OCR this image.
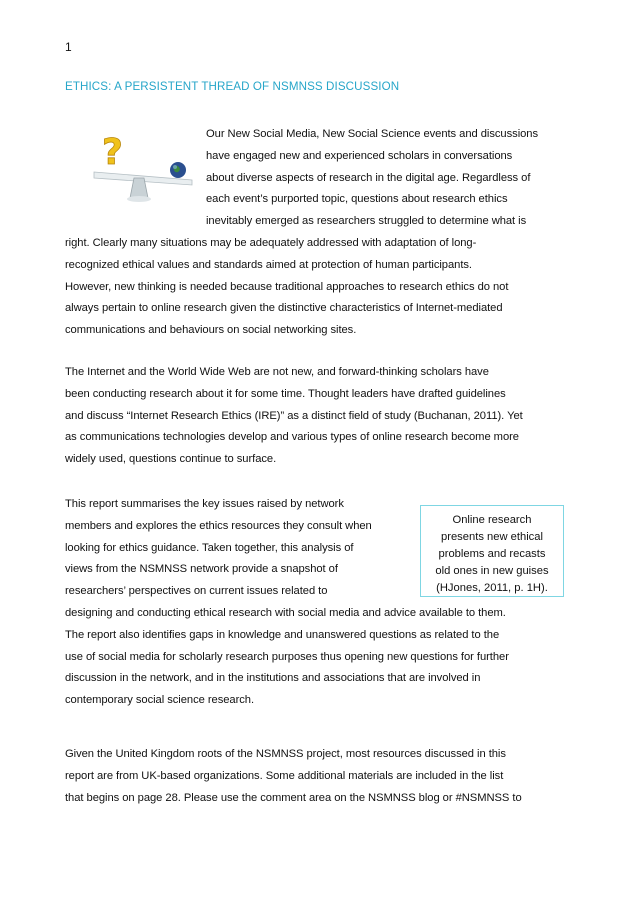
1
ETHICS: A PERSISTENT THREAD OF NSMNSS DISCUSSION
?	Our New Social Media, New Social Science events and discussions
have engaged new and experienced scholars in conversations
about diverse aspects of research in the digital age. Regardless of
each event’s purported topic, questions about research ethics
inevitably emerged as researchers struggled to determine what is
right. Clearly many situations may be adequately addressed with adaptation of long-
recognized ethical values and standards aimed at protection of human participants.
However, new thinking is needed because traditional approaches to research ethics do not
always pertain to online research given the distinctive characteristics of Internet-mediated
communications and behaviours on social networking sites.
The Internet and the World Wide Web are not new, and forward-thinking scholars have
been conducting research about it for some time. Thought leaders have drafted guidelines
and discuss “Internet Research Ethics (IRE)” as a distinct field of study (Buchanan, 2011). Yet
as communications technologies develop and various types of online research become more
widely used, questions continue to surface.
This report summarises the key issues raised by network
members and explores the ethics resources they consult when
looking for ethics guidance. Taken together, this analysis of
views from the NSMNSS network provide a snapshot of
researchers’ perspectives on current issues related to
designing and conducting ethical research with social media and advice available to them.
The report also identifies gaps in knowledge and unanswered questions as related to the
use of social media for scholarly research purposes thus opening new questions for further
discussion in the network, and in the institutions and associations that are involved in
contemporary social science research.
Given the United Kingdom roots of the NSMNSS project, most resources discussed in this
report are from UK-based organizations. Some additional materials are included in the list
that begins on page 28. Please use the comment area on the NSMNSS blog or #NSMNSS to
Online research
presents new ethical
problems and recasts
old ones in new guises
(HJones, 2011, p. 1H).
